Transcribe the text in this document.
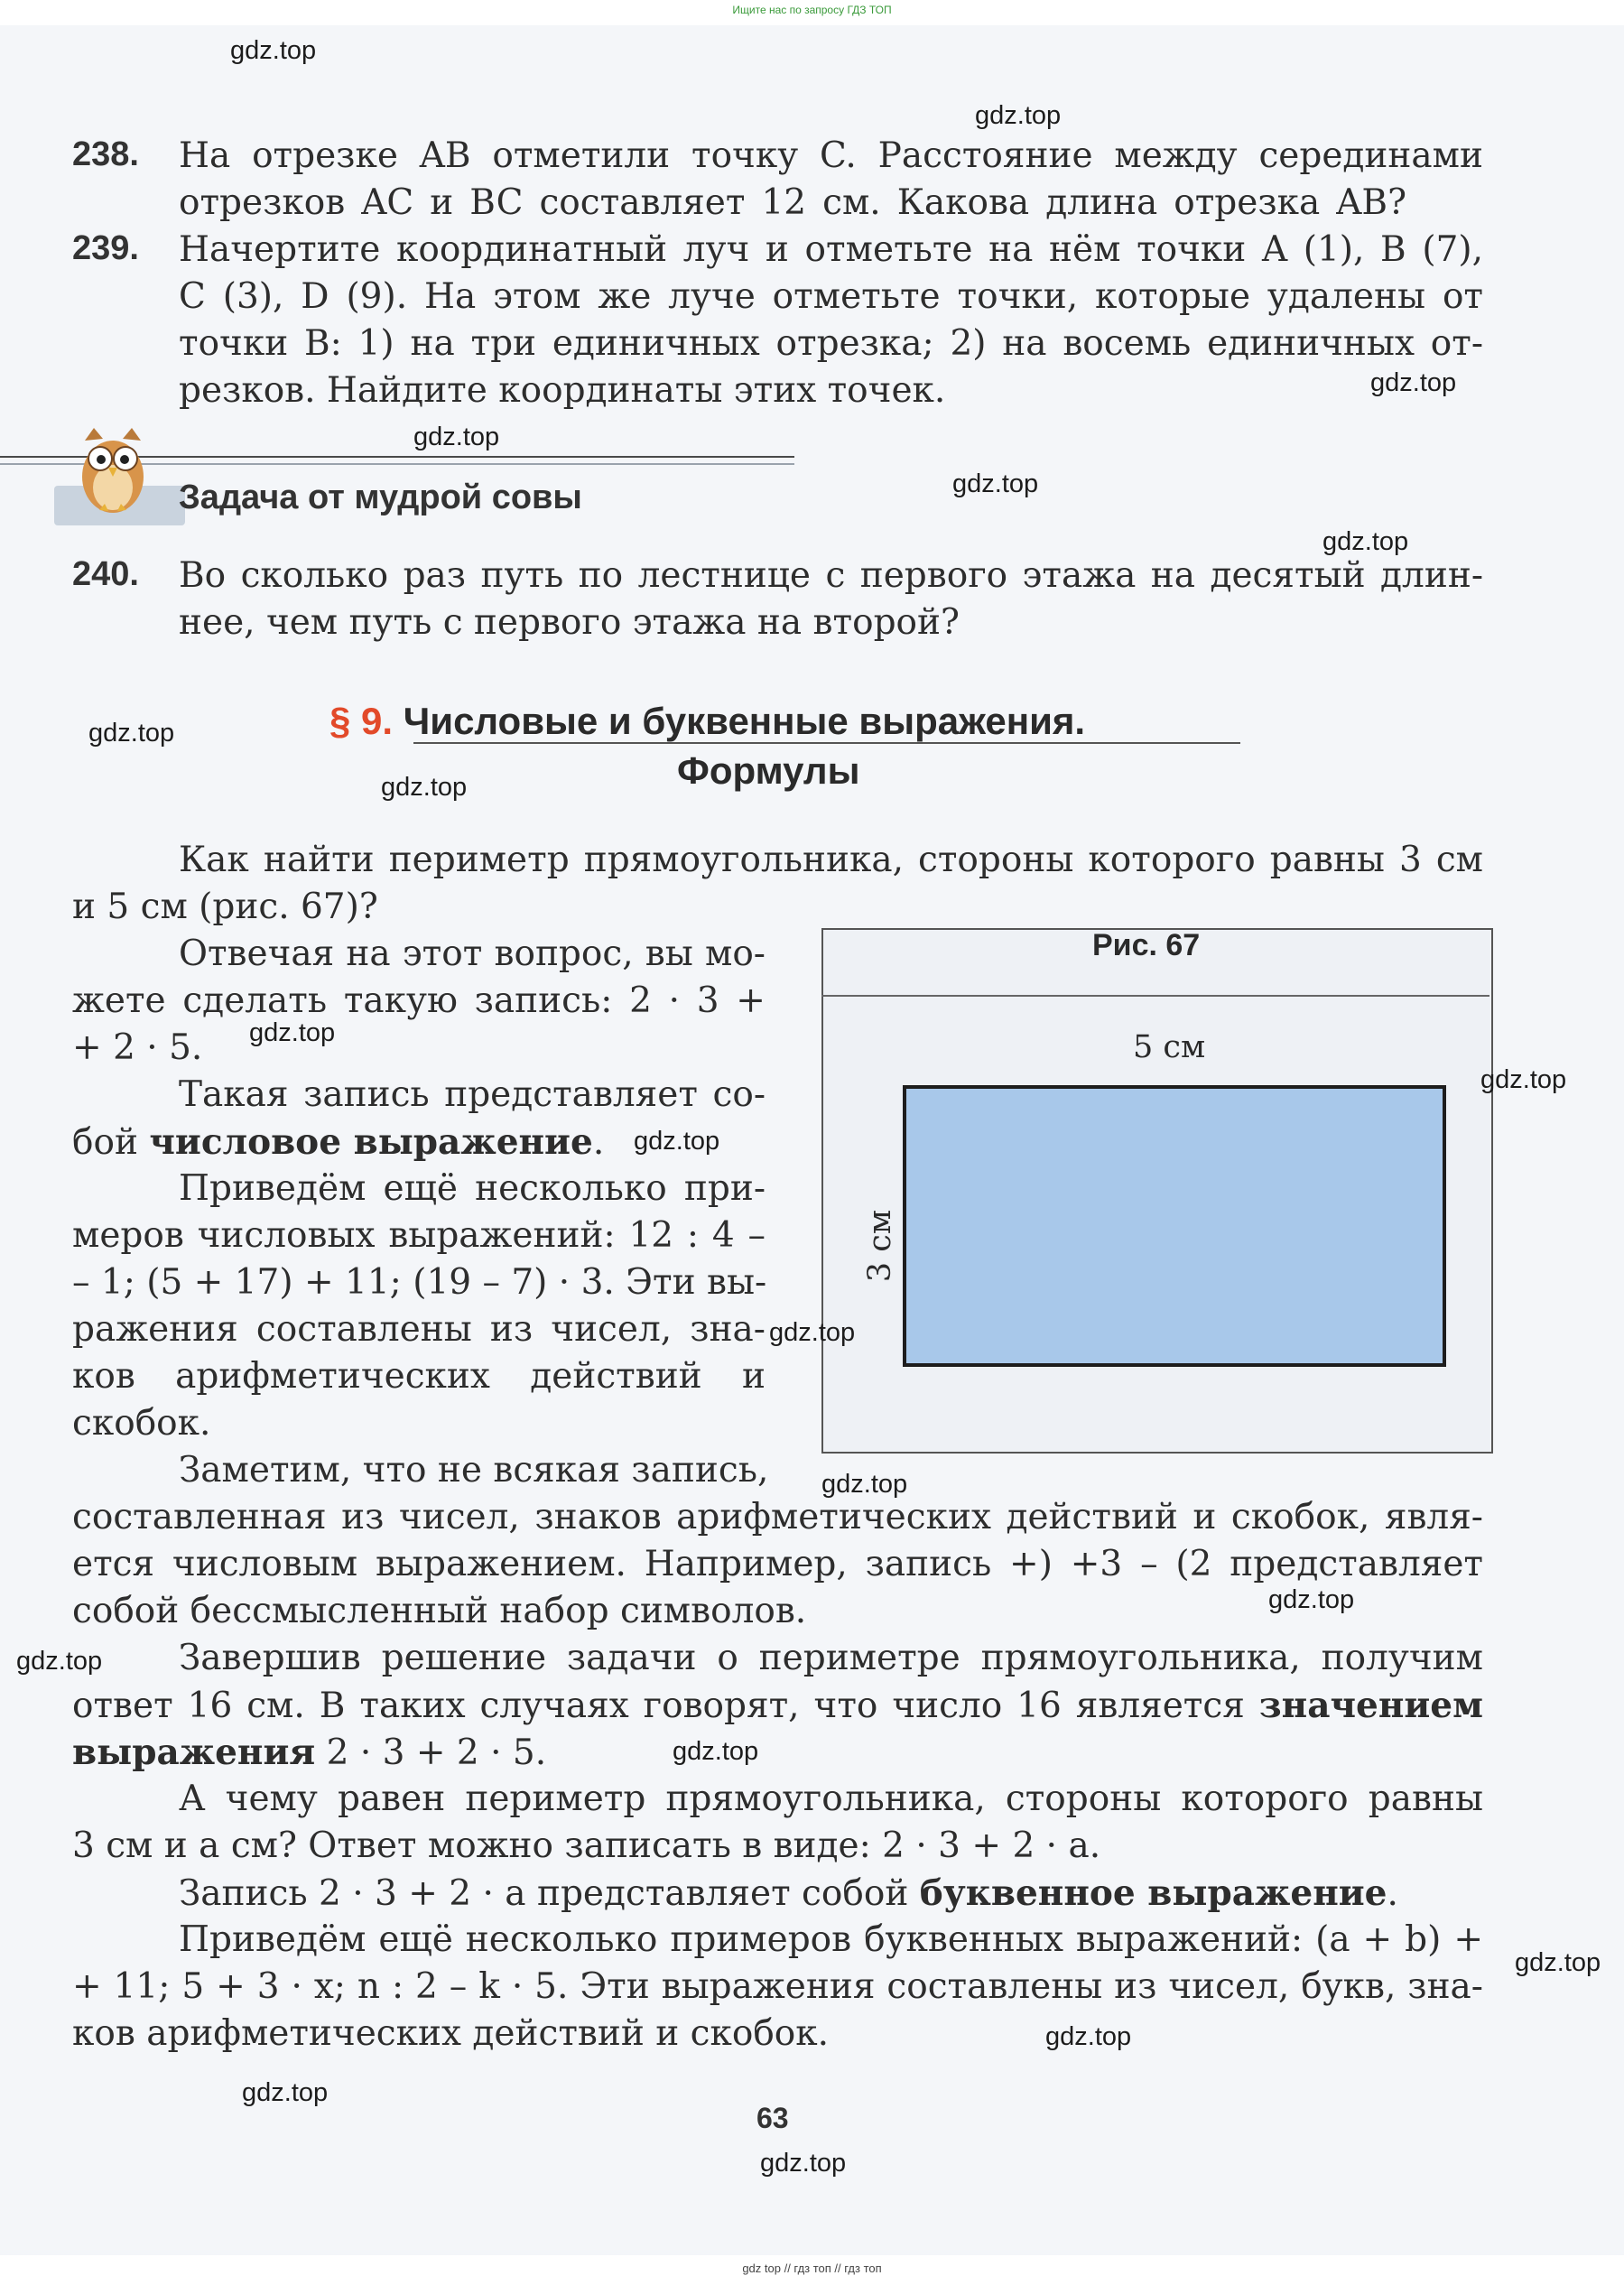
Ищите нас по запросу ГДЗ ТОП
238. На отрезке AB отметили точку C. Расстояние между серединами
отрезков AC и BC составляет 12 см. Какова длина отрезка AB?
239. Начертите координатный луч и отметьте на нём точки A (1), B (7),
C (3), D (9). На этом же луче отметьте точки, которые удалены от
точки B: 1) на три единичных отрезка; 2) на восемь единичных от-
резков. Найдите координаты этих точек.
Задача от мудрой совы
240. Во сколько раз путь по лестнице с первого этажа на десятый длин-
нее, чем путь с первого этажа на второй?
§ 9. Числовые и буквенные выражения.
Формулы
Рис. 67
5 см
3 см
Как найти периметр прямоугольника, стороны которого равны 3 см
и 5 см (рис. 67)?
Отвечая на этот вопрос, вы мо-
жете сделать такую запись: 2 · 3 +
+ 2 · 5.
Такая запись представляет со-
бой числовое выражение.
Приведём ещё несколько при-
меров числовых выражений: 12 : 4 –
– 1; (5 + 17) + 11; (19 – 7) · 3. Эти вы-
ражения составлены из чисел, зна-
ков арифметических действий и
скобок.
Заметим, что не всякая запись,
составленная из чисел, знаков арифметических действий и скобок, явля-
ется числовым выражением. Например, запись +) +3 – (2 представляет
собой бессмысленный набор символов.
Завершив решение задачи о периметре прямоугольника, получим
ответ 16 см. В таких случаях говорят, что число 16 является значением
выражения 2 · 3 + 2 · 5.
А чему равен периметр прямоугольника, стороны которого равны
3 см и a см? Ответ можно записать в виде: 2 · 3 + 2 · a.
Запись 2 · 3 + 2 · a представляет собой буквенное выражение.
Приведём ещё несколько примеров буквенных выражений: (a + b) +
+ 11; 5 + 3 · x; n : 2 – k · 5. Эти выражения составлены из чисел, букв, зна-
ков арифметических действий и скобок.
63
gdz.top
gdz.top
gdz.top
gdz.top
gdz.top
gdz.top
gdz.top
gdz.top
gdz.top
gdz.top
gdz.top
gdz.top
gdz.top
gdz.top
gdz.top
gdz.top
gdz.top
gdz.top
gdz.top
gdz.top
gdz top // гдз топ // гдз топ
